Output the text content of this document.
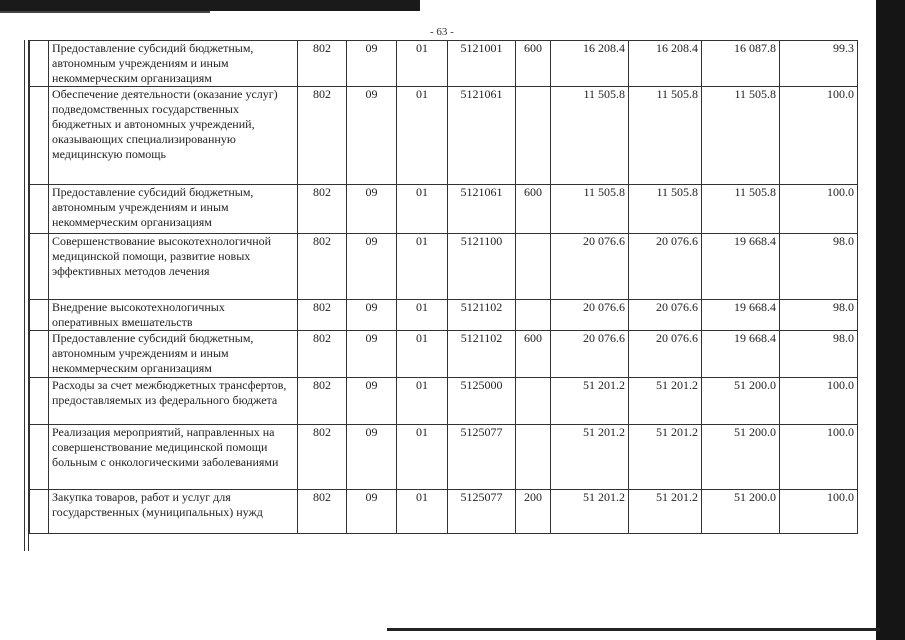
- 63 -
	Предоставление субсидий бюджетным, автономным учреждениям и иным некоммерческим организациям	802	09	01	5121001	600	16 208.4	16 208.4	16 087.8	99.3
	Обеспечение деятельности (оказание услуг) подведомственных государственных бюджетных и автономных учреждений, оказывающих специализированную медицинскую помощь	802	09	01	5121061		11 505.8	11 505.8	11 505.8	100.0
	Предоставление субсидий бюджетным, автономным учреждениям и иным некоммерческим организациям	802	09	01	5121061	600	11 505.8	11 505.8	11 505.8	100.0
	Совершенствование высокотехнологичной медицинской помощи, развитие новых эффективных методов лечения	802	09	01	5121100		20 076.6	20 076.6	19 668.4	98.0
	Внедрение высокотехнологичных оперативных вмешательств	802	09	01	5121102		20 076.6	20 076.6	19 668.4	98.0
	Предоставление субсидий бюджетным, автономным учреждениям и иным некоммерческим организациям	802	09	01	5121102	600	20 076.6	20 076.6	19 668.4	98.0
	Расходы за счет межбюджетных трансфертов, предоставляемых из федерального бюджета	802	09	01	5125000		51 201.2	51 201.2	51 200.0	100.0
	Реализация мероприятий, направленных на совершенствование медицинской помощи больным с онкологическими заболеваниями	802	09	01	5125077		51 201.2	51 201.2	51 200.0	100.0
	Закупка товаров, работ и услуг для государственных (муниципальных) нужд	802	09	01	5125077	200	51 201.2	51 201.2	51 200.0	100.0
